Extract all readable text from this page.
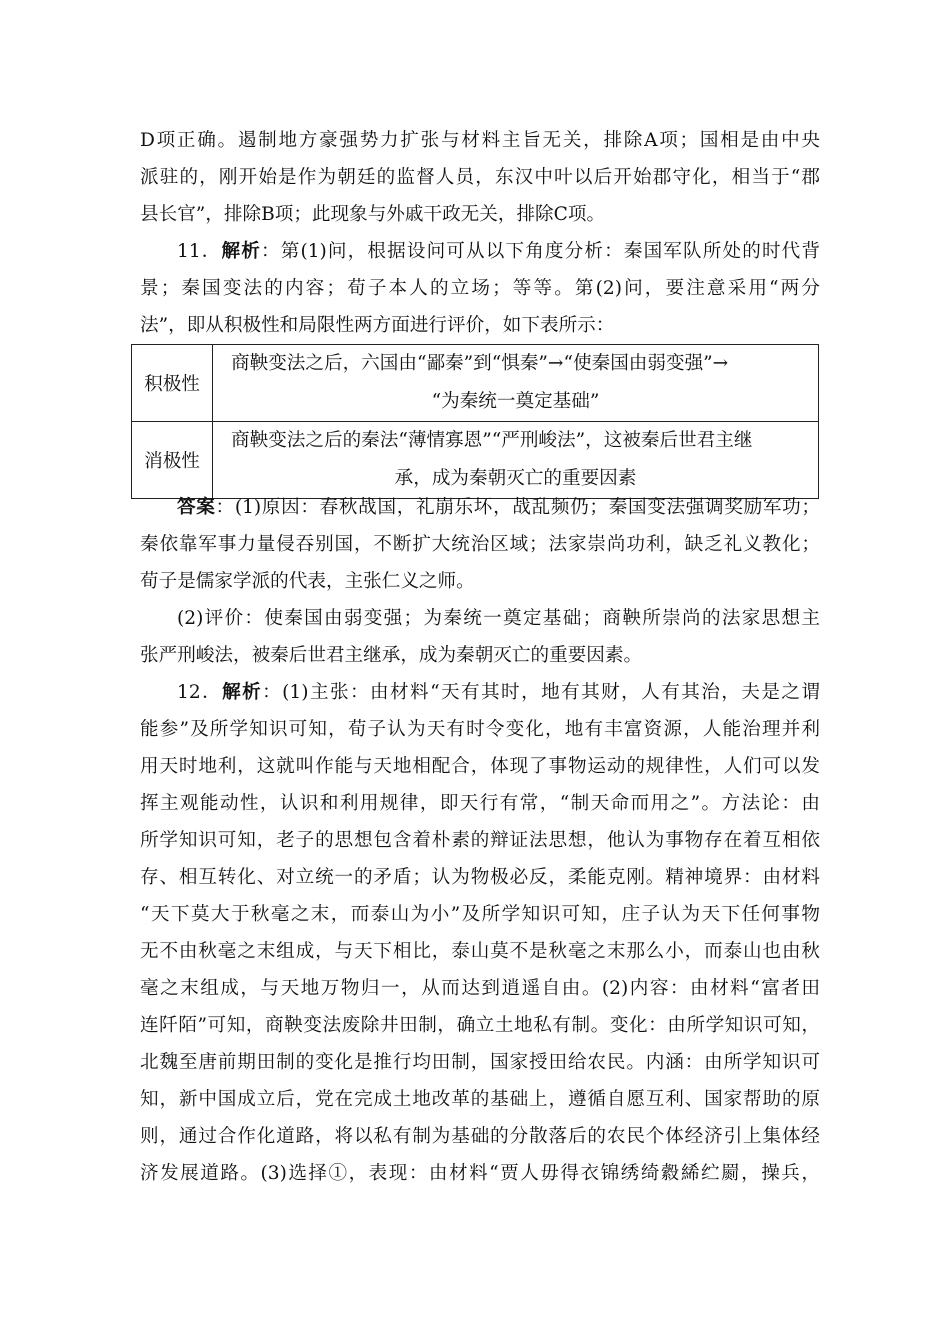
D项正确。遏制地方豪强势力扩张与材料主旨无关，排除A项；国相是由中央
派驻的，刚开始是作为朝廷的监督人员，东汉中叶以后开始郡守化，相当于“郡
县长官”，排除B项；此现象与外戚干政无关，排除C项。

11．解析：第(1)问，根据设问可从以下角度分析：秦国军队所处的时代背
景；秦国变法的内容；荀子本人的立场；等等。第(2)问，要注意采用“两分
法”，即从积极性和局限性两方面进行评价，如下表所示：

积极性	商鞅变法之后，六国由“鄙秦”到“惧秦”→“使秦国由弱变强”→
“为秦统一奠定基础”

消极性	商鞅变法之后的秦法“薄情寡恩”“严刑峻法”，这被秦后世君主继
承，成为秦朝灭亡的重要因素

答案：(1)原因：春秋战国，礼崩乐坏，战乱频仍；秦国变法强调奖励军功；
秦依靠军事力量侵吞别国，不断扩大统治区域；法家崇尚功利，缺乏礼义教化；
荀子是儒家学派的代表，主张仁义之师。

(2)评价：使秦国由弱变强；为秦统一奠定基础；商鞅所崇尚的法家思想主
张严刑峻法，被秦后世君主继承，成为秦朝灭亡的重要因素。

12．解析：(1)主张：由材料“天有其时，地有其财，人有其治，夫是之谓
能参”及所学知识可知，荀子认为天有时令变化，地有丰富资源，人能治理并利
用天时地利，这就叫作能与天地相配合，体现了事物运动的规律性，人们可以发
挥主观能动性，认识和利用规律，即天行有常，“制天命而用之”。方法论：由
所学知识可知，老子的思想包含着朴素的辩证法思想，他认为事物存在着互相依
存、相互转化、对立统一的矛盾；认为物极必反，柔能克刚。精神境界：由材料
“天下莫大于秋毫之末，而泰山为小”及所学知识可知，庄子认为天下任何事物
无不由秋毫之末组成，与天下相比，泰山莫不是秋毫之末那么小，而泰山也由秋
毫之末组成，与天地万物归一，从而达到逍遥自由。(2)内容：由材料“富者田
连阡陌”可知，商鞅变法废除井田制，确立土地私有制。变化：由所学知识可知，
北魏至唐前期田制的变化是推行均田制，国家授田给农民。内涵：由所学知识可
知，新中国成立后，党在完成土地改革的基础上，遵循自愿互利、国家帮助的原
则，通过合作化道路，将以私有制为基础的分散落后的农民个体经济引上集体经
济发展道路。(3)选择①，表现：由材料“贾人毋得衣锦绣绮縠絺纻罽，操兵，
